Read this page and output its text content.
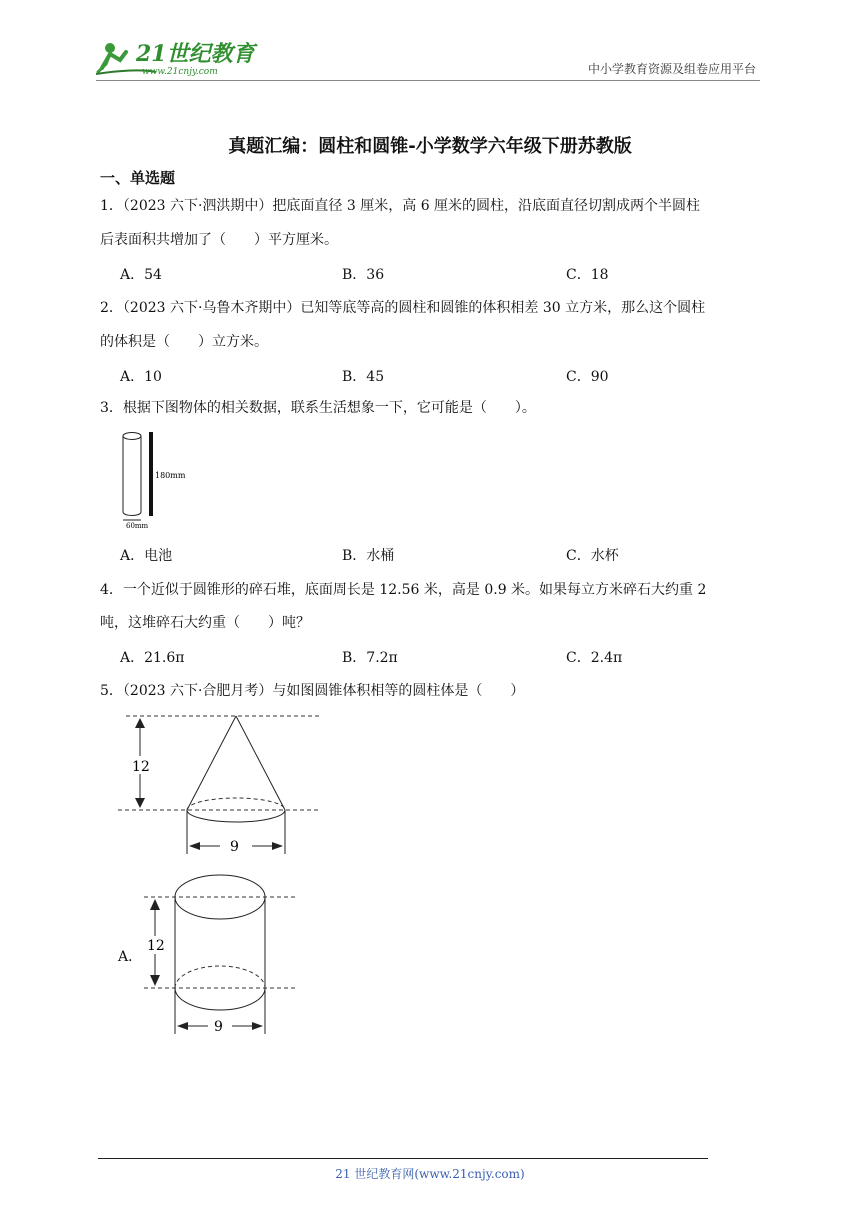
21世纪教育
www.21cnjy.com	中小学教育资源及组卷应用平台
真题汇编：圆柱和圆锥-小学数学六年级下册苏教版
一、单选题
1．（2023 六下·泗洪期中）把底面直径 3 厘米，高 6 厘米的圆柱，沿底面直径切割成两个半圆柱
后表面积共增加了（　　）平方厘米。
A．54	B．36	C．18
2．（2023 六下·乌鲁木齐期中）已知等底等高的圆柱和圆锥的体积相差 30 立方米，那么这个圆柱
的体积是（　　）立方米。
A．10	B．45	C．90
3．根据下图物体的相关数据，联系生活想象一下，它可能是（　　）。
180mm
60mm
A．电池	B．水桶	C．水杯
4．一个近似于圆锥形的碎石堆，底面周长是 12.56 米，高是 0.9 米。如果每立方米碎石大约重 2
吨，这堆碎石大约重（　　）吨？
A．21.6π	B．7.2π	C．2.4π
5．（2023 六下·合肥月考）与如图圆锥体积相等的圆柱体是（　　）
12
9
A．
12
9
21 世纪教育网(www.21cnjy.com)
